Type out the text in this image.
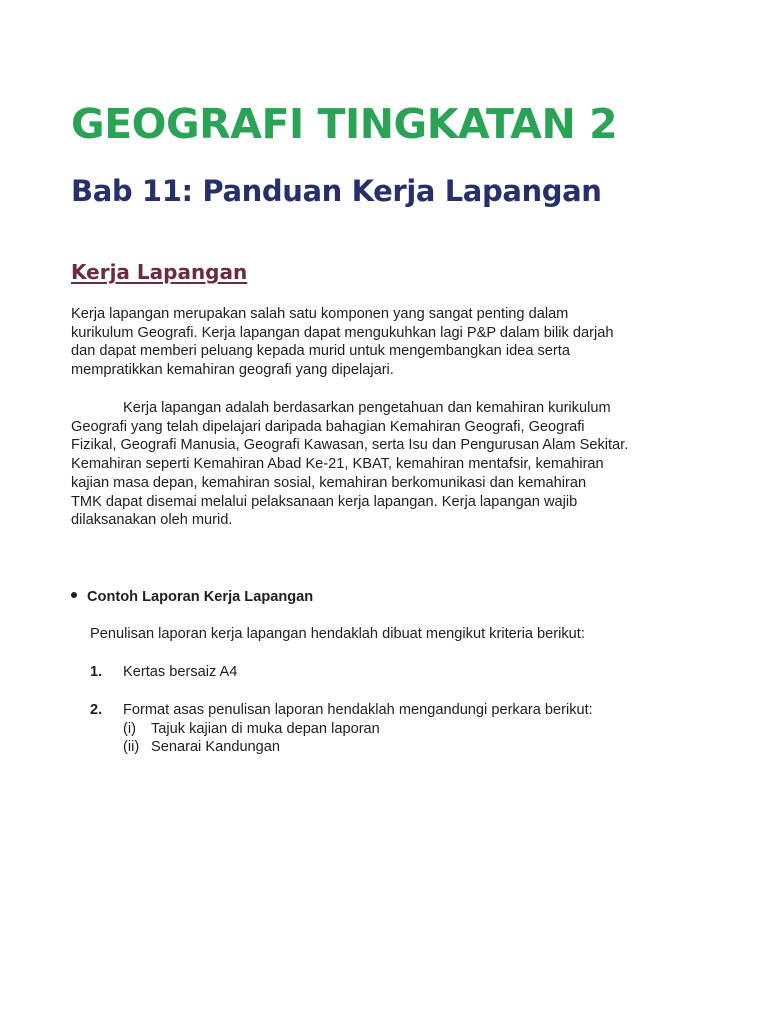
GEOGRAFI TINGKATAN 2
Bab 11: Panduan Kerja Lapangan
Kerja Lapangan

Kerja lapangan merupakan salah satu komponen yang sangat penting dalam
kurikulum Geografi. Kerja lapangan dapat mengukuhkan lagi P&P dalam bilik darjah
dan dapat memberi peluang kepada murid untuk mengembangkan idea serta
mempratikkan kemahiran geografi yang dipelajari.

Kerja lapangan adalah berdasarkan pengetahuan dan kemahiran kurikulum
Geografi yang telah dipelajari daripada bahagian Kemahiran Geografi, Geografi
Fizikal, Geografi Manusia, Geografi Kawasan, serta Isu dan Pengurusan Alam Sekitar.
Kemahiran seperti Kemahiran Abad Ke-21, KBAT, kemahiran mentafsir, kemahiran
kajian masa depan, kemahiran sosial, kemahiran berkomunikasi dan kemahiran
TMK dapat disemai melalui pelaksanaan kerja lapangan. Kerja lapangan wajib
dilaksanakan oleh murid.

Contoh Laporan Kerja Lapangan
Penulisan laporan kerja lapangan hendaklah dibuat mengikut kriteria berikut:
1. Kertas bersaiz A4
2. Format asas penulisan laporan hendaklah mengandungi perkara berikut:
(i) Tajuk kajian di muka depan laporan
(ii) Senarai Kandungan
